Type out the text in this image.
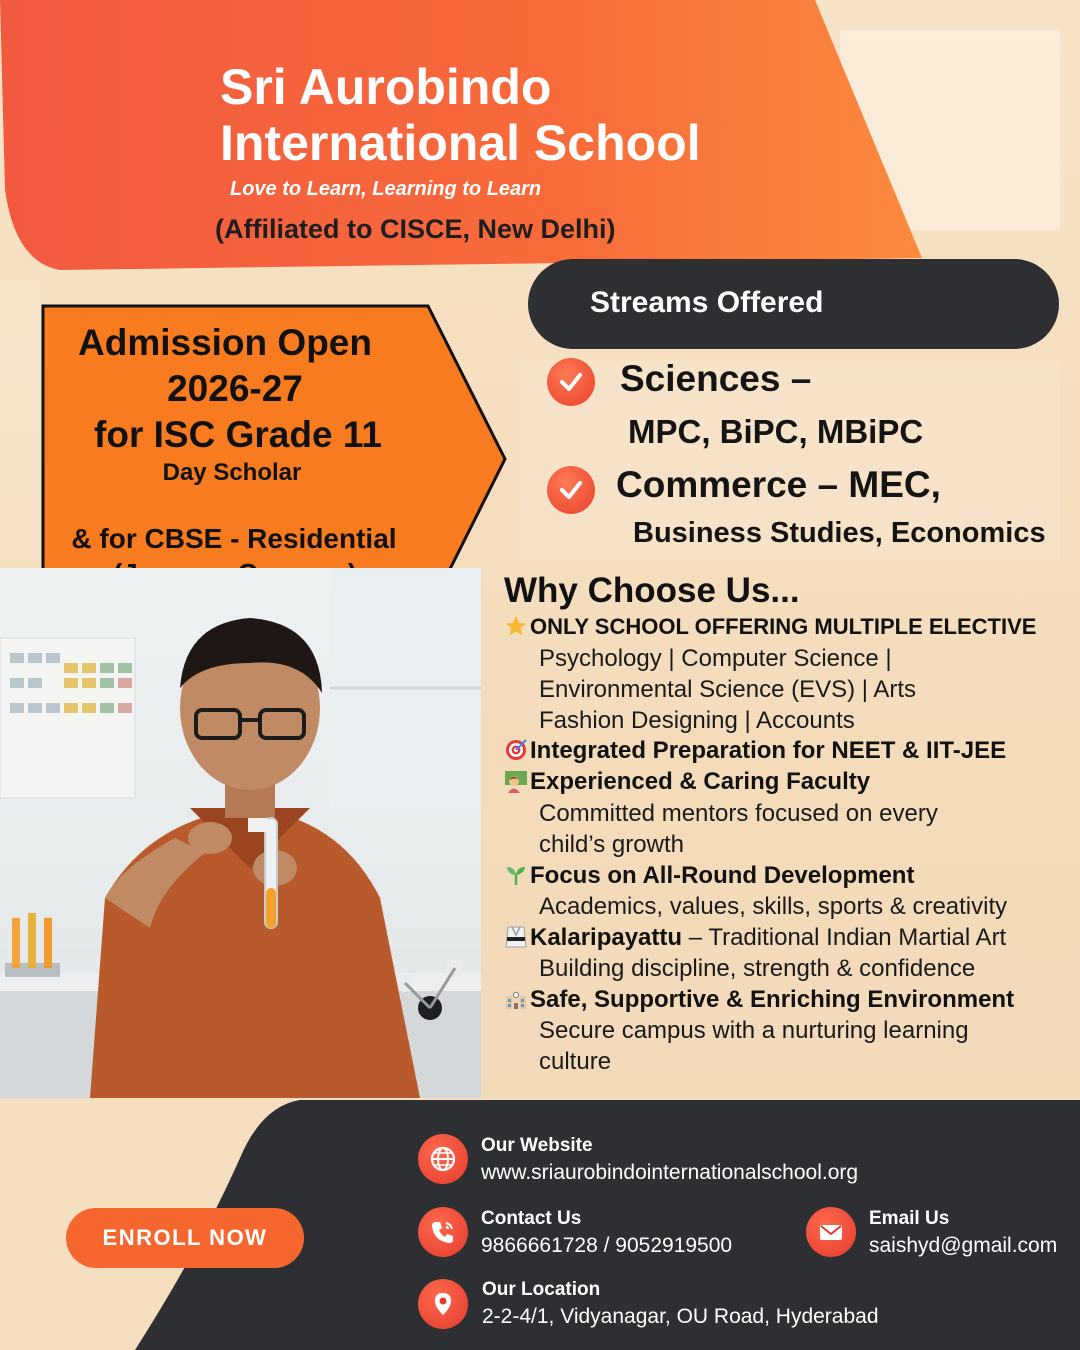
Sri Aurobindo
International School
Love to Learn, Learning to Learn
(Affiliated to CISCE, New Delhi)
Admission Open
2026-27
for ISC Grade 11
Day Scholar
& for CBSE - Residential
Streams Offered
Sciences –
MPC, BiPC, MBiPC
Commerce – MEC,
Business Studies, Economics
Why Choose Us...
ONLY SCHOOL OFFERING MULTIPLE ELECTIVE
Psychology | Computer Science |
Environmental Science (EVS) | Arts
Fashion Designing | Accounts
Integrated Preparation for NEET & IIT-JEE
Experienced & Caring Faculty
Committed mentors focused on every
child’s growth
Focus on All-Round Development
Academics, values, skills, sports & creativity
Kalaripayattu – Traditional Indian Martial Art
Building discipline, strength & confidence
Safe, Supportive & Enriching Environment
Secure campus with a nurturing learning
culture
ENROLL NOW
Our Website
www.sriaurobindointernationalschool.org
Contact Us
9866661728 / 9052919500
Email Us
saishyd@gmail.com
Our Location
2-2-4/1, Vidyanagar, OU Road, Hyderabad
